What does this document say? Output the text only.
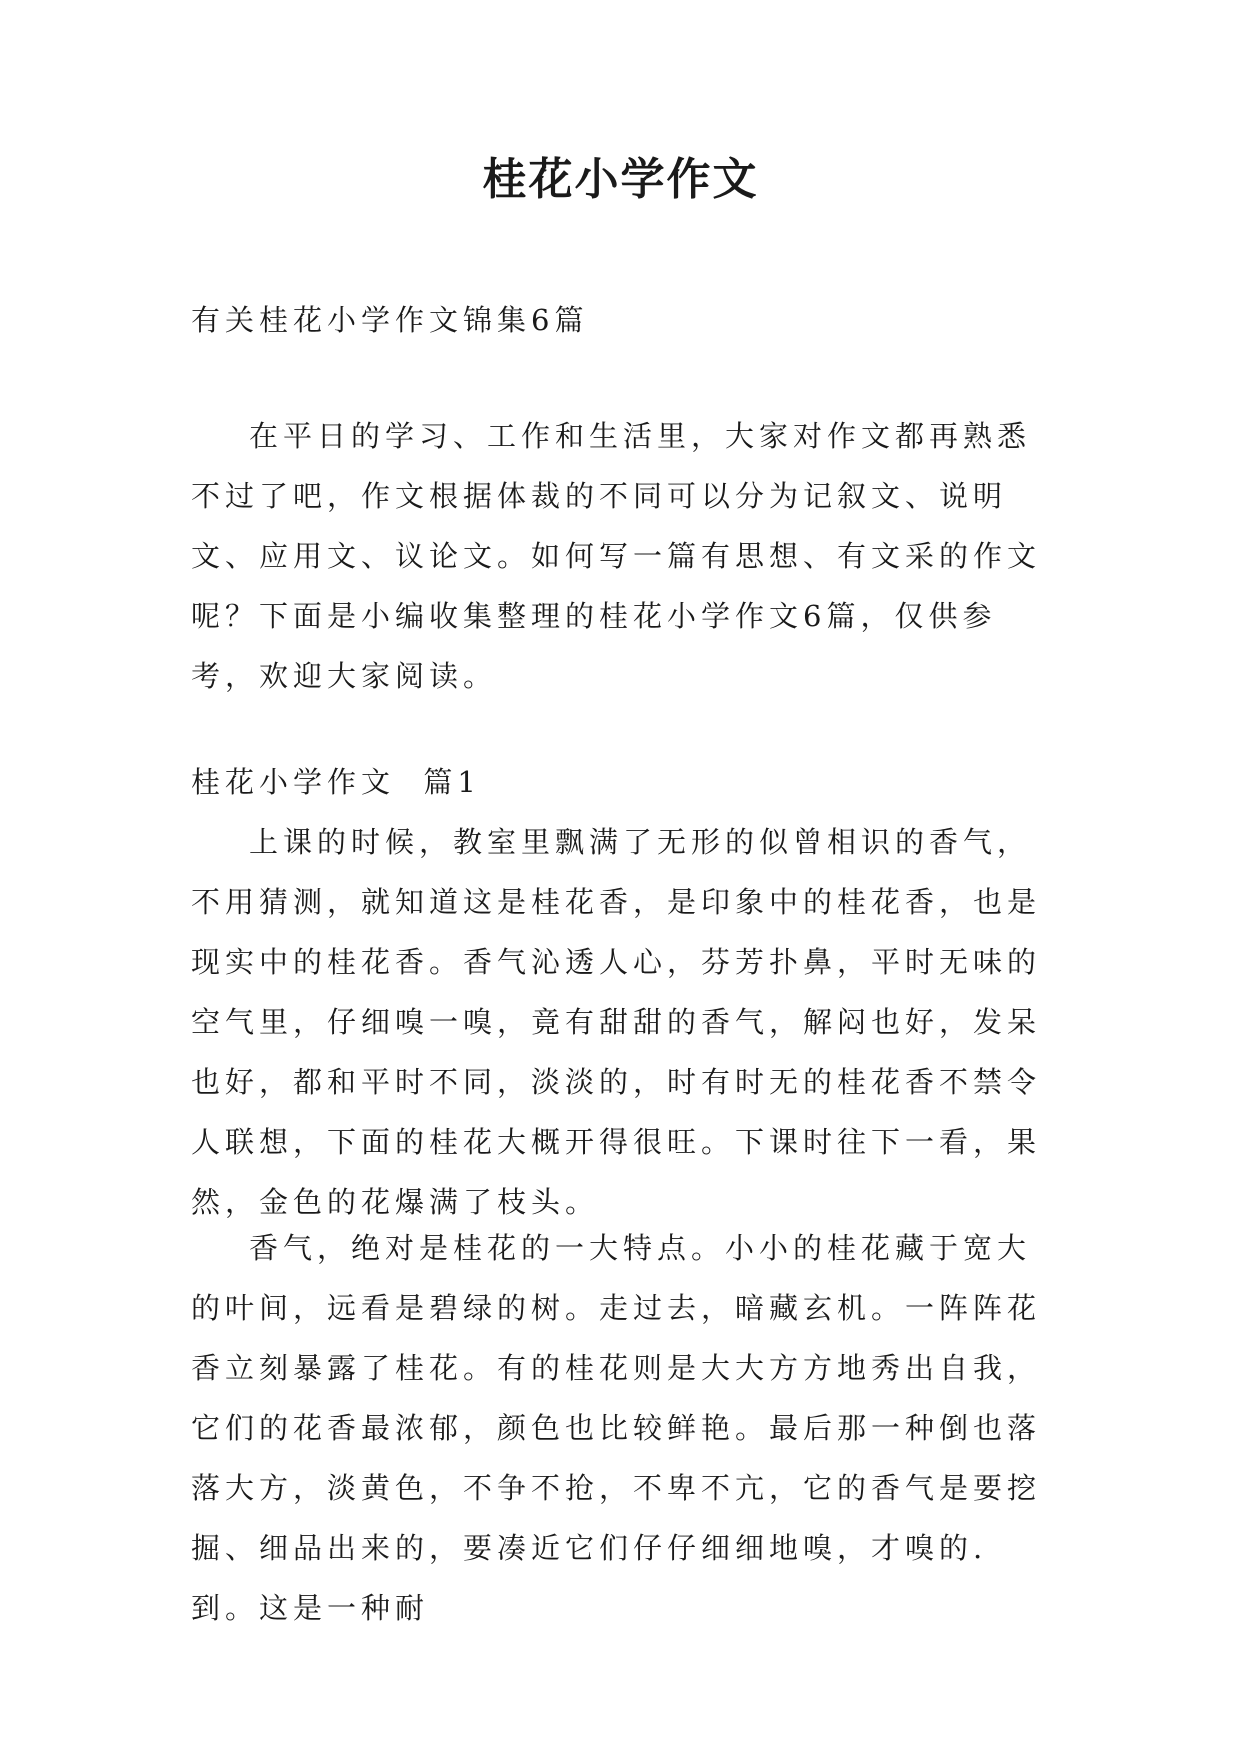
桂花小学作文

有关桂花小学作文锦集6篇

在平日的学习、工作和生活里，大家对作文都再熟悉不过了吧，作文根据体裁的不同可以分为记叙文、说明文、应用文、议论文。如何写一篇有思想、有文采的作文呢？下面是小编收集整理的桂花小学作文6篇，仅供参考，欢迎大家阅读。

桂花小学作文  篇1

上课的时候，教室里飘满了无形的似曾相识的香气，不用猜测，就知道这是桂花香，是印象中的桂花香，也是现实中的桂花香。香气沁透人心，芬芳扑鼻，平时无味的空气里，仔细嗅一嗅，竟有甜甜的香气，解闷也好，发呆也好，都和平时不同，淡淡的，时有时无的桂花香不禁令人联想，下面的桂花大概开得很旺。下课时往下一看，果然，金色的花爆满了枝头。

香气，绝对是桂花的一大特点。小小的桂花藏于宽大的叶间，远看是碧绿的树。走过去，暗藏玄机。一阵阵花香立刻暴露了桂花。有的桂花则是大大方方地秀出自我，它们的花香最浓郁，颜色也比较鲜艳。最后那一种倒也落落大方，淡黄色，不争不抢，不卑不亢，它的香气是要挖掘、细品出来的，要凑近它们仔仔细细地嗅，才嗅的.到。这是一种耐
